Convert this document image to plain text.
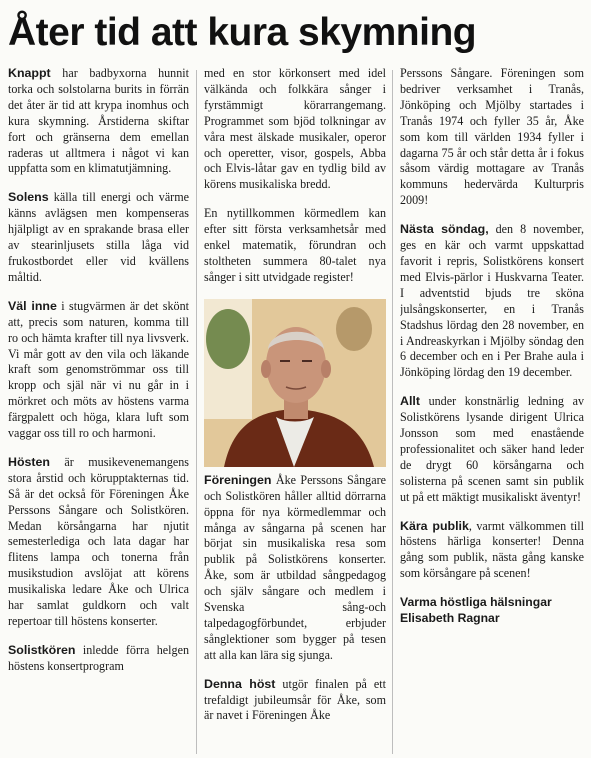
Åter tid att kura skymning

Knappt har badbyxorna hunnit torka och solstolarna burits in förrän det åter är tid att krypa inomhus och kura skymning. Årstiderna skiftar fort och gränserna dem emellan raderas ut alltmera i något vi kan uppfatta som en klimatutjämning.

Solens källa till energi och värme känns avlägsen men kompenseras hjälpligt av en sprakande brasa eller av stearinljusets stilla låga vid frukostbordet eller vid kvällens måltid.

Väl inne i stugvärmen är det skönt att, precis som naturen, komma till ro och hämta krafter till nya livsverk. Vi mår gott av den vila och läkande kraft som genomströmmar oss till kropp och själ när vi nu går in i mörkret och möts av höstens varma färgpalett och höga, klara luft som vaggar oss till ro och harmoni.

Hösten är musikevenemangens stora årstid och körupptakternas tid. Så är det också för Föreningen Åke Perssons Sångare och Solistkören. Medan körsångarna har njutit semesterlediga och lata dagar har flitens lampa och tonerna från musikstudion avslöjat att körens musikaliska ledare Åke och Ulrica har samlat guldkorn och valt repertoar till höstens konserter.

Solistkören inledde förra helgen höstens konsertprogram

med en stor körkonsert med idel välkända och folkkära sånger i fyrstämmigt körarrangemang. Programmet som bjöd tolkningar av våra mest älskade musikaler, operor och operetter, visor, gospels, Abba och Elvis-låtar gav en tydlig bild av körens musikaliska bredd.

En nytillkommen körmedlem kan efter sitt första verksamhetsår med enkel matematik, förundran och stoltheten summera 80-talet nya sånger i sitt utvidgade register!

Föreningen Åke Perssons Sångare och Solistkören håller alltid dörrarna öppna för nya körmedlemmar och många av sångarna på scenen har börjat sin musikaliska resa som publik på Solistkörens konserter. Åke, som är utbildad sångpedagog och själv sångare och medlem i Svenska sång-och talpedagogförbundet, erbjuder sånglektioner som bygger på tesen att alla kan lära sig sjunga.

Denna höst utgör finalen på ett trefaldigt jubileumsår för Åke, som är navet i Föreningen Åke

Perssons Sångare. Föreningen som bedriver verksamhet i Tranås, Jönköping och Mjölby startades i Tranås 1974 och fyller 35 år, Åke som kom till världen 1934 fyller i dagarna 75 år och står detta år i fokus såsom värdig mottagare av Tranås kommuns hedervärda Kulturpris 2009!

Nästa söndag, den 8 november, ges en kär och varmt uppskattad favorit i repris, Solistkörens konsert med Elvis-pärlor i Huskvarna Teater. I adventstid bjuds tre sköna julsångskonserter, en i Tranås Stadshus lördag den 28 november, en i Andreaskyrkan i Mjölby söndag den 6 december och en i Per Brahe aula i Jönköping lördag den 19 december.

Allt under konstnärlig ledning av Solistkörens lysande dirigent Ulrica Jonsson som med enastående professionalitet och säker hand leder de drygt 60 körsångarna och solisterna på scenen samt sin publik ut på ett mäktigt musikaliskt äventyr!

Kära publik, varmt välkommen till höstens härliga konserter! Denna gång som publik, nästa gång kanske som körsångare på scenen!

Varma höstliga hälsningar
Elisabeth Ragnar
